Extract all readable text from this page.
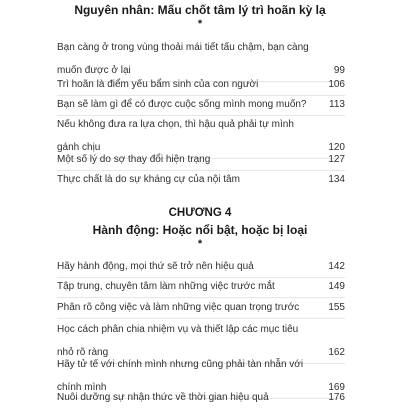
Nguyên nhân: Mấu chốt tâm lý trì hoãn kỳ lạ
*
Bạn càng ở trong vùng thoải mái tiết tấu chậm, bạn càng muốn được ở lại	99
Trì hoãn là điểm yếu bẩm sinh của con người	106
Bạn sẽ làm gì để có được cuộc sống mình mong muốn?	113
Nếu không đưa ra lựa chọn, thì hậu quả phải tự mình gánh chịu	120
Một số lý do sợ thay đổi hiện trạng	127
Thực chất là do sự kháng cự của nội tâm	134
CHƯƠNG 4
Hành động: Hoặc nổi bật, hoặc bị loại
*
Hãy hành động, mọi thứ sẽ trở nên hiệu quả	142
Tập trung, chuyên tâm làm những việc trước mắt	149
Phân rõ công việc và làm những việc quan trọng trước	155
Học cách phân chia nhiệm vụ và thiết lập các mục tiêu nhỏ rõ ràng	162
Hãy tử tế với chính mình nhưng cũng phải tàn nhẫn với chính mình	169
Nuôi dưỡng sự nhận thức về thời gian hiệu quả	176
